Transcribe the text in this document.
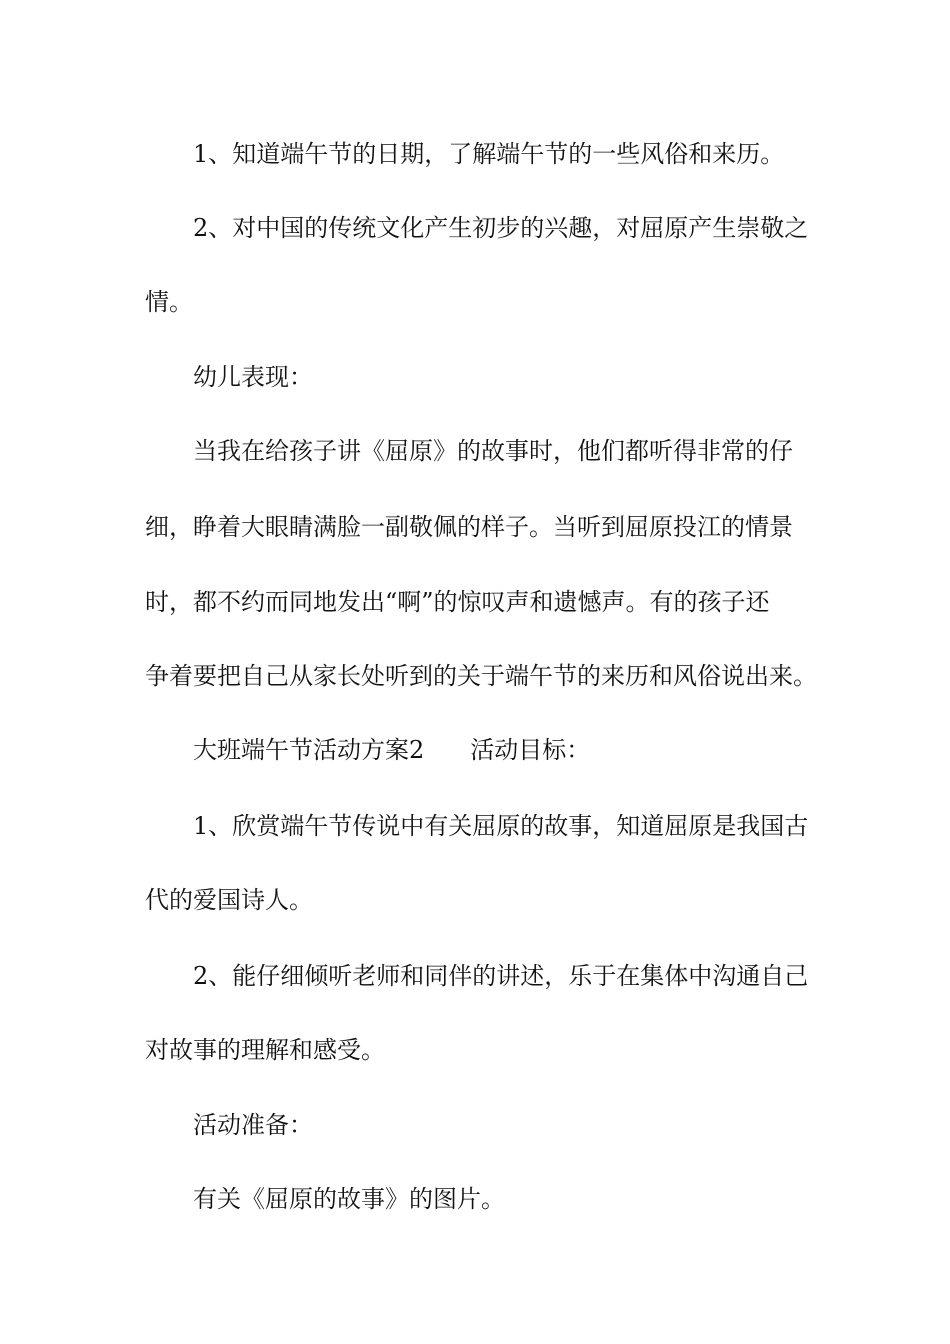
1、知道端午节的日期，了解端午节的一些风俗和来历。
2、对中国的传统文化产生初步的兴趣，对屈原产生崇敬之
情。
幼儿表现：
当我在给孩子讲《屈原》的故事时，他们都听得非常的仔
细，睁着大眼睛满脸一副敬佩的样子。当听到屈原投江的情景
时，都不约而同地发出“啊”的惊叹声和遗憾声。有的孩子还
争着要把自己从家长处听到的关于端午节的来历和风俗说出来。
大班端午节活动方案2 活动目标：
1、欣赏端午节传说中有关屈原的故事，知道屈原是我国古
代的爱国诗人。
2、能仔细倾听老师和同伴的讲述，乐于在集体中沟通自己
对故事的理解和感受。
活动准备：
有关《屈原的故事》的图片。
